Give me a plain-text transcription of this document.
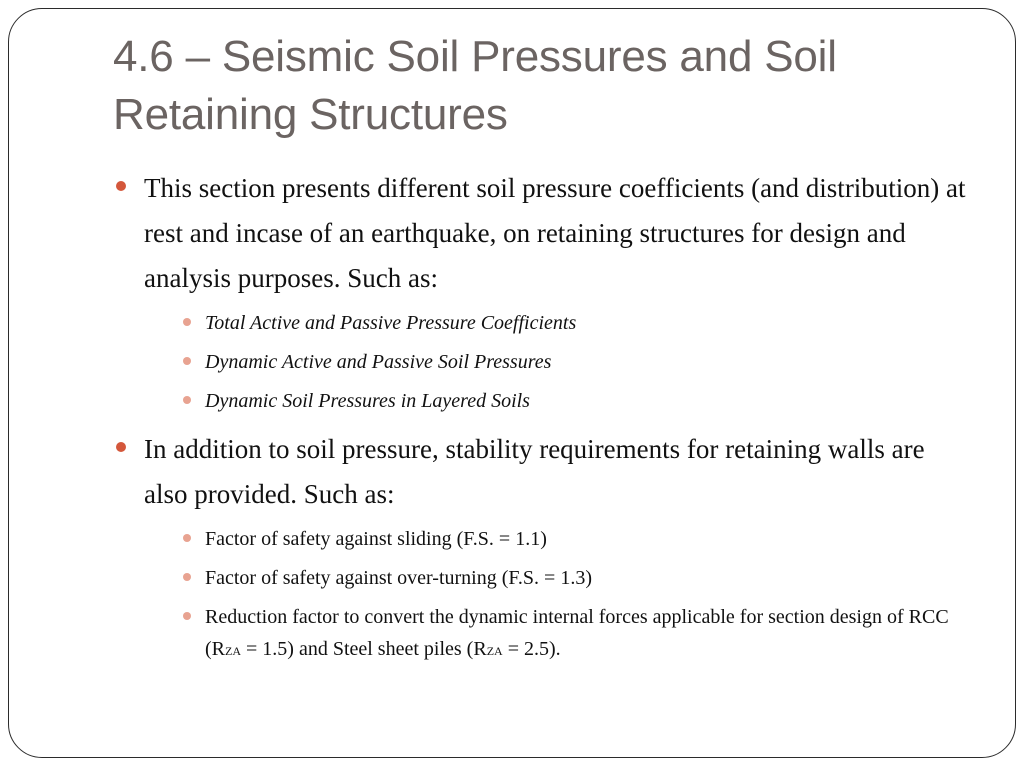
4.6 – Seismic Soil Pressures and Soil Retaining Structures
This section presents different soil pressure coefficients (and distribution) at rest and incase of an earthquake, on retaining structures for design and analysis purposes. Such as:
Total Active and Passive Pressure Coefficients
Dynamic Active and Passive Soil Pressures
Dynamic Soil Pressures in Layered Soils
In addition to soil pressure, stability requirements for retaining walls are also provided. Such as:
Factor of safety against sliding (F.S. = 1.1)
Factor of safety against over-turning (F.S. = 1.3)
Reduction factor to convert the dynamic internal forces applicable for section design of RCC (RZA = 1.5) and Steel sheet piles (RZA = 2.5).
